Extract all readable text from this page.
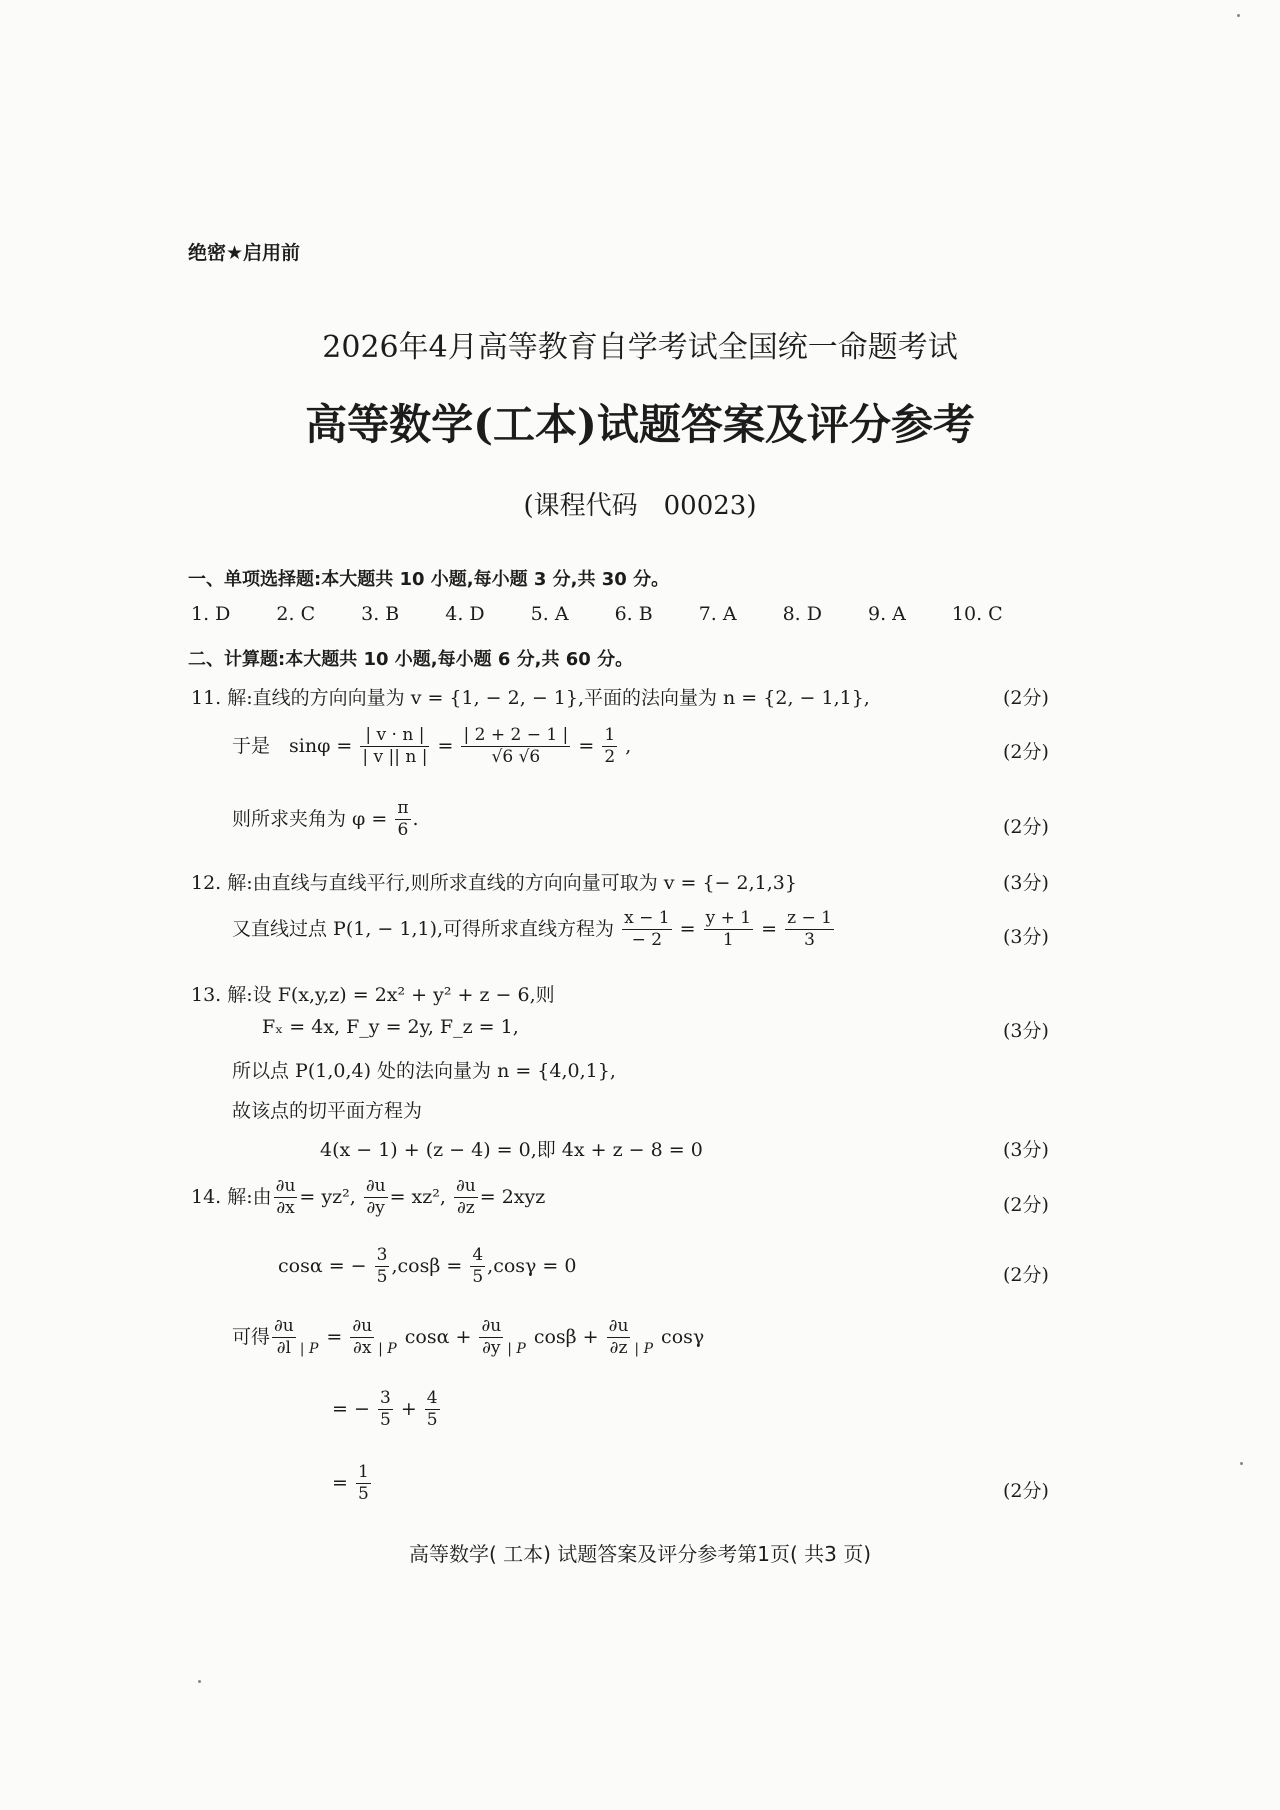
绝密★启用前
2026年4月高等教育自学考试全国统一命题考试
高等数学(工本)试题答案及评分参考
(课程代码　00023)
一、单项选择题:本大题共 10 小题,每小题 3 分,共 30 分。
1. D 2. C 3. B 4. D 5. A 6. B 7. A 8. D 9. A 10. C
二、计算题:本大题共 10 小题,每小题 6 分,共 60 分。
11. 解:直线的方向向量为 v = {1, − 2, − 1},平面的法向量为 n = {2, − 1,1},	(2分)
于是　$\sin\varphi = \frac{| v \cdot n |}{| v || n |} = \frac{| 2 + 2 - 1 |}{√6 √6} = \frac{1}{2}$ ,	(2分)
则所求夹角为 $\varphi = \frac{\pi}{6}$ .	(2分)
12. 解:由直线与直线平行,则所求直线的方向向量可取为 v = {− 2,1,3}	(3分)
又直线过点 P(1, − 1,1),可得所求直线方程为 $\frac{x - 1}{- 2} = \frac{y + 1}{1} = \frac{z - 1}{3}$	(3分)
13. 解:设 F(x,y,z) = 2x² + y² + z − 6,则
Fₓ = 4x, F_y = 2y, F_z = 1,	(3分)
所以点 P(1,0,4) 处的法向量为 n = {4,0,1},
故该点的切平面方程为
4(x − 1) + (z − 4) = 0,即 4x + z − 8 = 0	(3分)
14. 解:由 $\frac{\partial u}{\partial x} = yz^2$, $\frac{\partial u}{\partial y} = xz^2$, $\frac{\partial u}{\partial z} = 2xyz$	(2分)
cosα = − $\frac{3}{5} ,\cos\beta = \frac{4}{5} ,\cos\gamma = 0$	(2分)
可得 $\frac{\partial u}{\partial l}$ | $P = \frac{\partial u}{\partial x}$ | P $\cos\alpha + \frac{\partial u}{\partial y}$ | P $\cos\beta + \frac{\partial u}{\partial z}$ | P cosγ
= − $\frac{3}{5} + \frac{4}{5}$
= $\frac{1}{5}$	(2分)
高等数学( 工本) 试题答案及评分参考第1页( 共3 页)
